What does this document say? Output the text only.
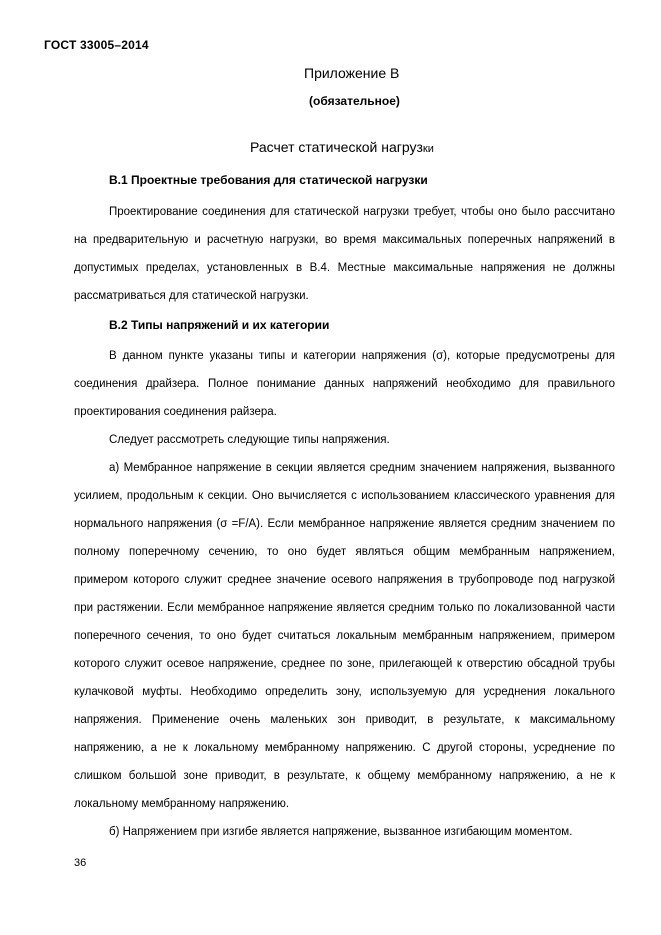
ГОСТ 33005–2014
Приложение В
(обязательное)
Расчет статической нагрузки
В.1 Проектные требования для статической нагрузки

Проектирование соединения для статической нагрузки требует, чтобы оно было рассчитано на предварительную и расчетную нагрузки, во время максимальных поперечных напряжений в допустимых пределах, установленных в В.4. Местные максимальные напряжения не должны рассматриваться для статической нагрузки.

В.2 Типы напряжений и их категории

В данном пункте указаны типы и категории напряжения (σ), которые предусмотрены для соединения драйзера. Полное понимание данных напряжений необходимо для правильного проектирования соединения райзера.

Следует рассмотреть следующие типы напряжения.

а) Мембранное напряжение в секции является средним значением напряжения, вызванного усилием, продольным к секции. Оно вычисляется с использованием классического уравнения для нормального напряжения (σ =F/A). Если мембранное напряжение является средним значением по полному поперечному сечению, то оно будет являться общим мембранным напряжением, примером которого служит среднее значение осевого напряжения в трубопроводе под нагрузкой при растяжении. Если мембранное напряжение является средним только по локализованной части поперечного сечения, то оно будет считаться локальным мембранным напряжением, примером которого служит осевое напряжение, среднее по зоне, прилегающей к отверстию обсадной трубы кулачковой муфты. Необходимо определить зону, используемую для усреднения локального напряжения. Применение очень маленьких зон приводит, в результате, к максимальному напряжению, а не к локальному мембранному напряжению. С другой стороны, усреднение по слишком большой зоне приводит, в результате, к общему мембранному напряжению, а не к локальному мембранному напряжению.

б) Напряжением при изгибе является напряжение, вызванное изгибающим моментом.

36
